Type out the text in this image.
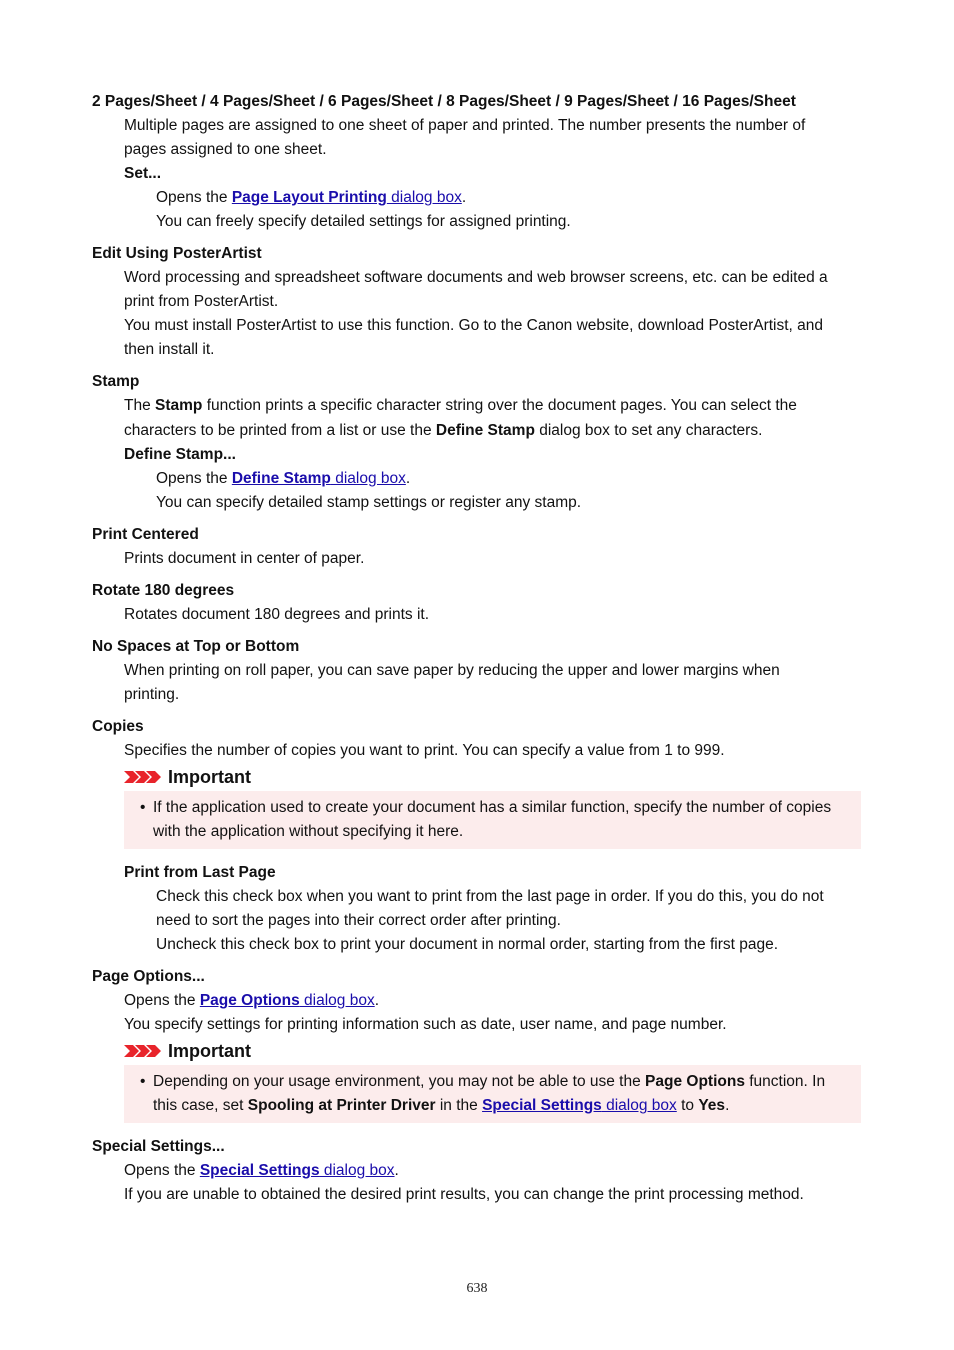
2 Pages/Sheet / 4 Pages/Sheet / 6 Pages/Sheet / 8 Pages/Sheet / 9 Pages/Sheet / 16 Pages/Sheet
Multiple pages are assigned to one sheet of paper and printed. The number presents the number of
pages assigned to one sheet.
Set...
Opens the Page Layout Printing dialog box.
You can freely specify detailed settings for assigned printing.
Edit Using PosterArtist
Word processing and spreadsheet software documents and web browser screens, etc. can be edited a
print from PosterArtist.
You must install PosterArtist to use this function. Go to the Canon website, download PosterArtist, and
then install it.
Stamp
The Stamp function prints a specific character string over the document pages. You can select the
characters to be printed from a list or use the Define Stamp dialog box to set any characters.
Define Stamp...
Opens the Define Stamp dialog box.
You can specify detailed stamp settings or register any stamp.
Print Centered
Prints document in center of paper.
Rotate 180 degrees
Rotates document 180 degrees and prints it.
No Spaces at Top or Bottom
When printing on roll paper, you can save paper by reducing the upper and lower margins when
printing.
Copies
Specifies the number of copies you want to print. You can specify a value from 1 to 999.
Important
• If the application used to create your document has a similar function, specify the number of copies
with the application without specifying it here.
Print from Last Page
Check this check box when you want to print from the last page in order. If you do this, you do not
need to sort the pages into their correct order after printing.
Uncheck this check box to print your document in normal order, starting from the first page.
Page Options...
Opens the Page Options dialog box.
You specify settings for printing information such as date, user name, and page number.
Important
• Depending on your usage environment, you may not be able to use the Page Options function. In
this case, set Spooling at Printer Driver in the Special Settings dialog box to Yes.
Special Settings...
Opens the Special Settings dialog box.
If you are unable to obtained the desired print results, you can change the print processing method.
638
